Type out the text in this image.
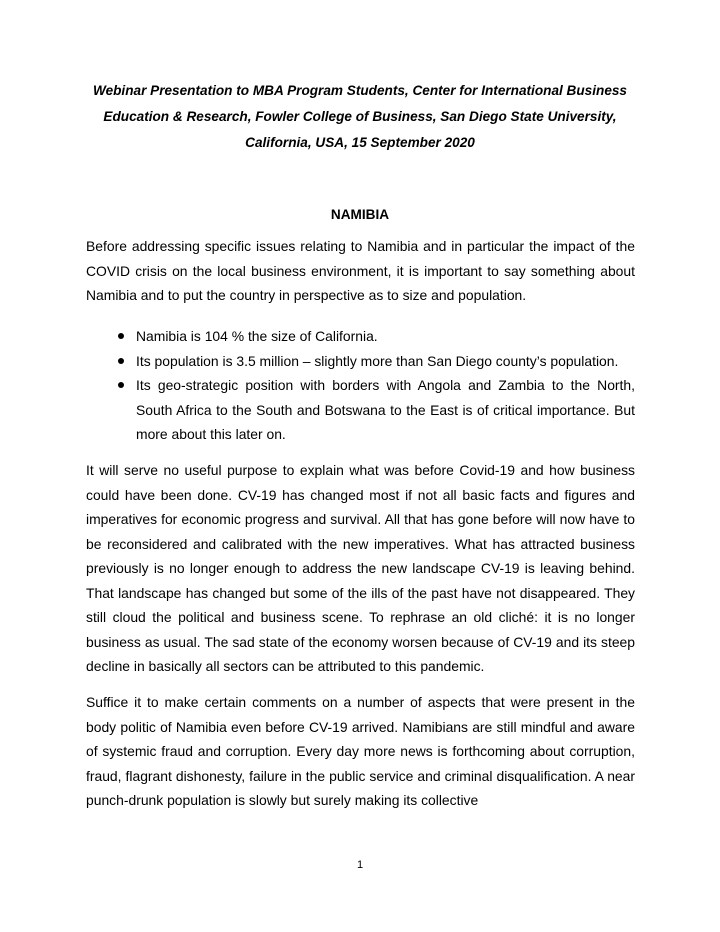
Webinar Presentation to MBA Program Students, Center for International Business Education & Research, Fowler College of Business, San Diego State University, California, USA, 15 September 2020

NAMIBIA

Before addressing specific issues relating to Namibia and in particular the impact of the COVID crisis on the local business environment, it is important to say something about Namibia and to put the country in perspective as to size and population.

Namibia is 104 % the size of California.
Its population is 3.5 million – slightly more than San Diego county’s population.
Its geo-strategic position with borders with Angola and Zambia to the North, South Africa to the South and Botswana to the East is of critical importance. But more about this later on.

It will serve no useful purpose to explain what was before Covid-19 and how business could have been done. CV-19 has changed most if not all basic facts and figures and imperatives for economic progress and survival. All that has gone before will now have to be reconsidered and calibrated with the new imperatives. What has attracted business previously is no longer enough to address the new landscape CV-19 is leaving behind. That landscape has changed but some of the ills of the past have not disappeared. They still cloud the political and business scene. To rephrase an old cliché: it is no longer business as usual. The sad state of the economy worsen because of CV-19 and its steep decline in basically all sectors can be attributed to this pandemic.

Suffice it to make certain comments on a number of aspects that were present in the body politic of Namibia even before CV-19 arrived. Namibians are still mindful and aware of systemic fraud and corruption. Every day more news is forthcoming about corruption, fraud, flagrant dishonesty, failure in the public service and criminal disqualification. A near punch-drunk population is slowly but surely making its collective

1
